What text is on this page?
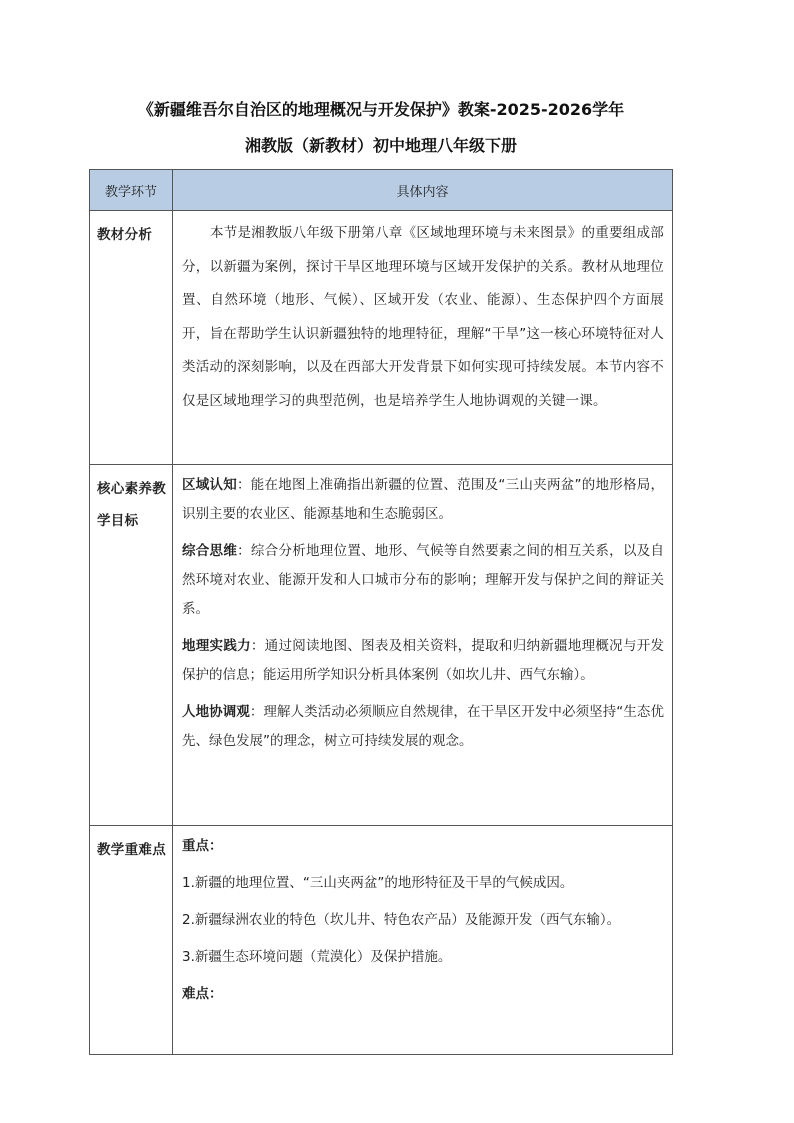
《新疆维吾尔自治区的地理概况与开发保护》教案-2025-2026学年
湘教版（新教材）初中地理八年级下册
教学环节	具体内容
教材分析	本节是湘教版八年级下册第八章《区域地理环境与未来图景》的重要组成部分，以新疆为案例，探讨干旱区地理环境与区域开发保护的关系。教材从地理位置、自然环境（地形、气候）、区域开发（农业、能源）、生态保护四个方面展开，旨在帮助学生认识新疆独特的地理特征，理解“干旱”这一核心环境特征对人类活动的深刻影响，以及在西部大开发背景下如何实现可持续发展。本节内容不仅是区域地理学习的典型范例，也是培养学生人地协调观的关键一课。

核心素养教学目标	区域认知：能在地图上准确指出新疆的位置、范围及“三山夹两盆”的地形格局，识别主要的农业区、能源基地和生态脆弱区。

综合思维：综合分析地理位置、地形、气候等自然要素之间的相互关系，以及自然环境对农业、能源开发和人口城市分布的影响；理解开发与保护之间的辩证关系。

地理实践力：通过阅读地图、图表及相关资料，提取和归纳新疆地理概况与开发保护的信息；能运用所学知识分析具体案例（如坎儿井、西气东输）。

人地协调观：理解人类活动必须顺应自然规律，在干旱区开发中必须坚持“生态优先、绿色发展”的理念，树立可持续发展的观念。

教学重难点	重点：

1.新疆的地理位置、“三山夹两盆”的地形特征及干旱的气候成因。

2.新疆绿洲农业的特色（坎儿井、特色农产品）及能源开发（西气东输）。

3.新疆生态环境问题（荒漠化）及保护措施。

难点：
